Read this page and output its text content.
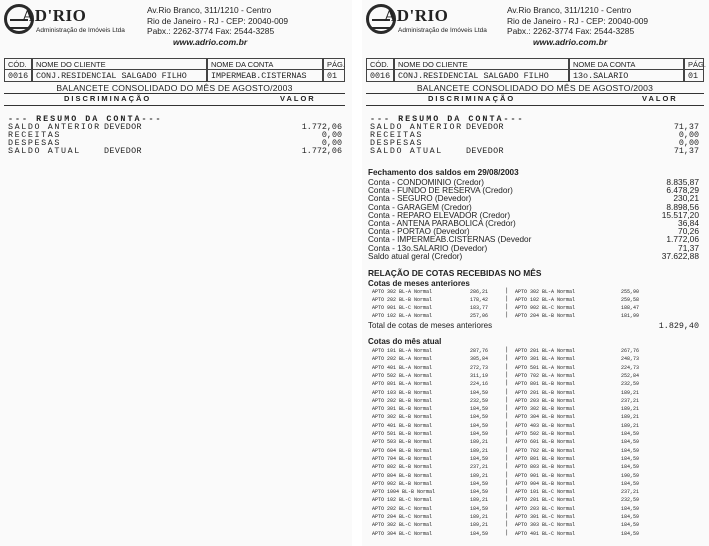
AD'RIO
Administração de Imóveis Ltda
Av.Rio Branco, 311/1210 - Centro
Rio de Janeiro - RJ - CEP: 20040-009
Pabx.: 2262-3774 Fax: 2544-3285
www.adrio.com.br
CÓD.	NOME DO CLIENTE	NOME DA CONTA	PÁG.
0016 CONJ.RESIDENCIAL SALGADO FILHO	IMPERMEAB.CISTERNAS	01
BALANCETE CONSOLIDADO DO MÊS DE AGOSTO/2003
DISCRIMINAÇÃO	VALOR
--- RESUMO DA CONTA---
SALDO ANTERIOR DEVEDOR	1.772,06
RECEITAS	0,00
DESPESAS	0,00
SALDO ATUAL	DEVEDOR	1.772,06
AD'RIO
Administração de Imóveis Ltda
Av.Rio Branco, 311/1210 - Centro
Rio de Janeiro - RJ - CEP: 20040-009
Pabx.: 2262-3774 Fax: 2544-3285
www.adrio.com.br
CÓD.	NOME DO CLIENTE	NOME DA CONTA	PÁG.
0016 CONJ.RESIDENCIAL SALGADO FILHO	13o.SALARIO	01
BALANCETE CONSOLIDADO DO MÊS DE AGOSTO/2003
DISCRIMINAÇÃO	VALOR
--- RESUMO DA CONTA---
SALDO ANTERIOR DEVEDOR	71,37
RECEITAS	0,00
DESPESAS	0,00
SALDO ATUAL	DEVEDOR	71,37
Fechamento dos saldos em 29/08/2003
Conta - CONDOMINIO (Credor)	8.835,87
Conta - FUNDO DE RESERVA (Credor)	6.478,29
Conta - SEGURO (Devedor)	230,21
Conta - GARAGEM (Credor)	8.898,56
Conta - REPARO ELEVADOR (Credor)	15.517,20
Conta - ANTENA PARABOLICA (Credor)	36,84
Conta - PORTAO (Devedor)	70,26
Conta - IMPERMEAB.CISTERNAS (Devedor	1.772,06
Conta - 13o.SALARIO (Devedor)	71,37
Saldo atual geral (Credor)	37.622,88
RELAÇÃO DE COTAS RECEBIDAS NO MÊS
Cotas de meses anteriores
APTO 302 BL-A Normal	286,21	| APTO 302 BL-A Normal	255,90
APTO 202 BL-B Normal	178,42	| APTO 102 BL-A Normal	259,58
APTO 901 BL-C Normal	183,77	| APTO 902 BL-C Normal	188,47
APTO 102 BL-A Normal	257,06	| APTO 204 BL-B Normal	181,99
Total de cotas de meses anteriores	1.829,40
Cotas do mês atual
APTO 101 BL-A Normal	287,76	| APTO 201 BL-A Normal	267,76
APTO 202 BL-A Normal	305,84	| APTO 301 BL-A Normal	248,73
APTO 401 BL-A Normal	272,73	| APTO 501 BL-A Normal	224,73
APTO 502 BL-A Normal	311,19	| APTO 702 BL-A Normal	252,84
APTO 801 BL-A Normal	224,16	| APTO 801 BL-B Normal	232,59
APTO 103 BL-B Normal	184,59	| APTO 201 BL-B Normal	189,21
APTO 202 BL-B Normal	232,59	| APTO 203 BL-B Normal	237,21
APTO 301 BL-B Normal	184,59	| APTO 302 BL-B Normal	189,21
APTO 302 BL-B Normal	184,59	| APTO 304 BL-B Normal	189,21
APTO 401 BL-B Normal	184,59	| APTO 403 BL-B Normal	189,21
APTO 501 BL-B Normal	184,59	| APTO 502 BL-B Normal	184,59
APTO 503 BL-B Normal	189,21	| APTO 601 BL-B Normal	184,59
APTO 604 BL-B Normal	189,21	| APTO 702 BL-B Normal	184,59
APTO 704 BL-B Normal	184,59	| APTO 801 BL-B Normal	184,59
APTO 802 BL-B Normal	237,21	| APTO 803 BL-B Normal	184,59
APTO 804 BL-B Normal	189,21	| APTO 901 BL-B Normal	190,59
APTO 902 BL-B Normal	184,59	| APTO 904 BL-B Normal	184,59
APTO 1004 BL-B Normal	184,59	| APTO 101 BL-C Normal	237,21
APTO 102 BL-C Normal	189,21	| APTO 201 BL-C Normal	232,59
APTO 202 BL-C Normal	184,59	| APTO 203 BL-C Normal	184,59
APTO 204 BL-C Normal	189,21	| APTO 301 BL-C Normal	184,59
APTO 302 BL-C Normal	189,21	| APTO 303 BL-C Normal	184,59
APTO 304 BL-C Normal	184,59	| APTO 401 BL-C Normal	184,59
